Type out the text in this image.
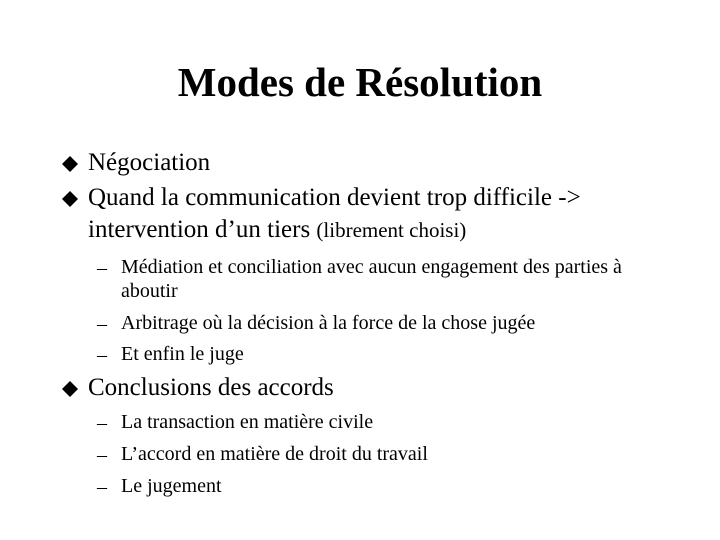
Modes de Résolution
Négociation
Quand la communication devient trop difficile -> intervention d’un tiers (librement choisi)
– Médiation et conciliation avec aucun engagement des parties à aboutir
– Arbitrage où la décision à la force de la chose jugée
– Et enfin le juge
Conclusions des accords
– La transaction en matière civile
– L’accord en matière de droit du travail
– Le jugement
